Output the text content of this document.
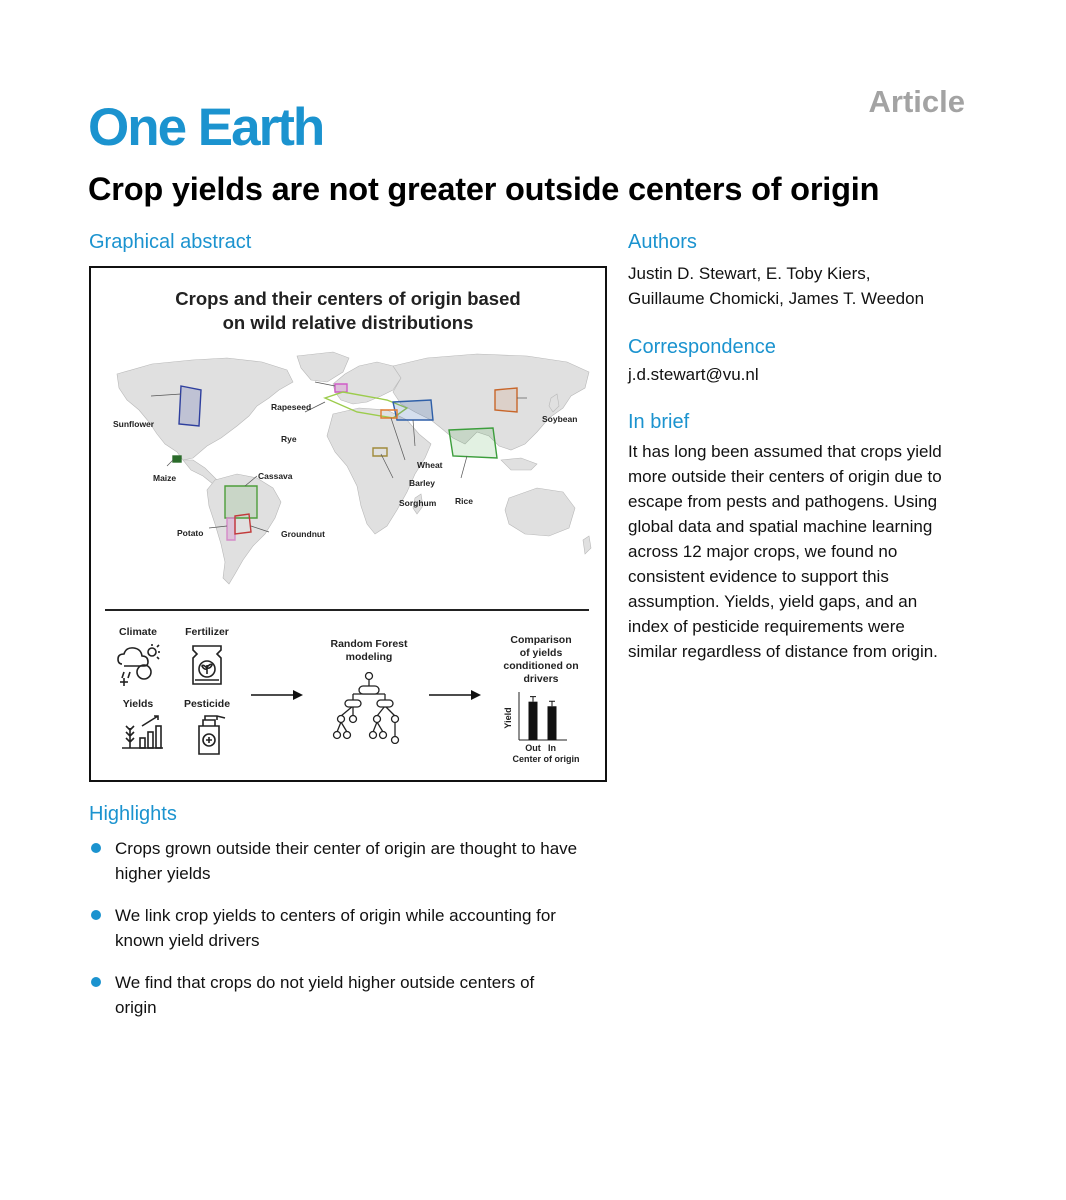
Article
One Earth
Crop yields are not greater outside centers of origin
Graphical abstract
Crops and their centers of origin based
on wild relative distributions
Sunflower
Maize
Rapeseed
Rye
Cassava
Potato	Groundnut
Wheat
Barley
Sorghum Rice
Soybean
Climate	Fertilizer
Yields	Pesticide
Random Forest
modeling
Comparison
of yields
conditioned on
drivers
Yield
Center of origin
Out In
Highlights
Crops grown outside their center of origin are thought to have
higher yields
We link crop yields to centers of origin while accounting for
known yield drivers
We find that crops do not yield higher outside centers of
origin
Authors
Justin D. Stewart, E. Toby Kiers,
Guillaume Chomicki, James T. Weedon
Correspondence
j.d.stewart@vu.nl
In brief
It has long been assumed that crops yield
more outside their centers of origin due to
escape from pests and pathogens. Using
global data and spatial machine learning
across 12 major crops, we found no
consistent evidence to support this
assumption. Yields, yield gaps, and an
index of pesticide requirements were
similar regardless of distance from origin.
